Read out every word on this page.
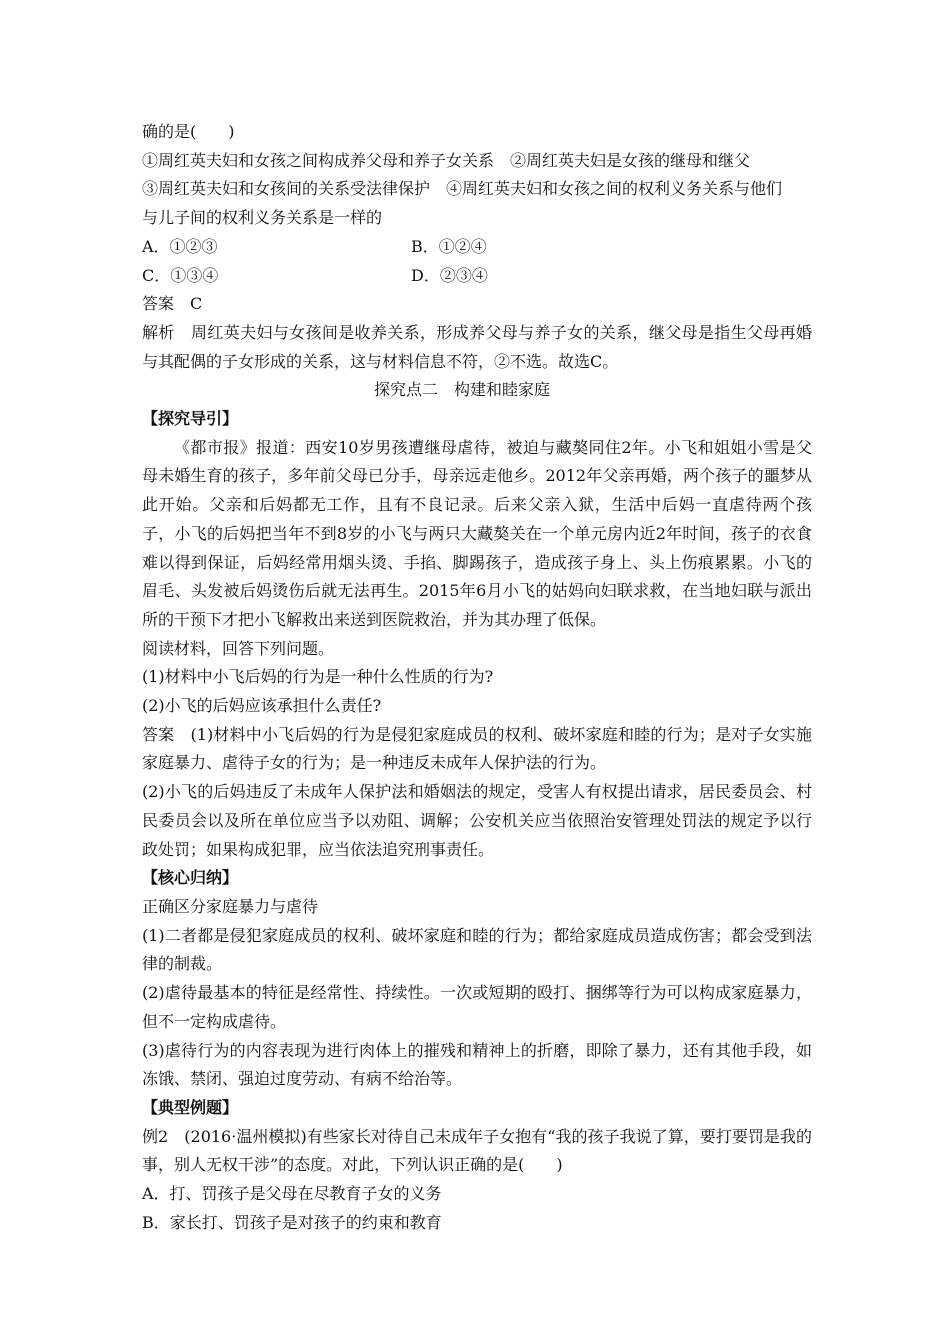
确的是(　　)

①周红英夫妇和女孩之间构成养父母和养子女关系　②周红英夫妇是女孩的继母和继父

③周红英夫妇和女孩间的关系受法律保护　④周红英夫妇和女孩之间的权利义务关系与他们

与儿子间的权利义务关系是一样的

A．①②③	B．①②④
C．①③④	D．②③④

答案　C

解析　周红英夫妇与女孩间是收养关系，形成养父母与养子女的关系，继父母是指生父母再婚与其配偶的子女形成的关系，这与材料信息不符，②不选。故选C。

探究点二　构建和睦家庭

【探究导引】

《都市报》报道：西安10岁男孩遭继母虐待，被迫与藏獒同住2年。小飞和姐姐小雪是父母未婚生育的孩子，多年前父母已分手，母亲远走他乡。2012年父亲再婚，两个孩子的噩梦从此开始。父亲和后妈都无工作，且有不良记录。后来父亲入狱，生活中后妈一直虐待两个孩子，小飞的后妈把当年不到8岁的小飞与两只大藏獒关在一个单元房内近2年时间，孩子的衣食难以得到保证，后妈经常用烟头烫、手掐、脚踢孩子，造成孩子身上、头上伤痕累累。小飞的眉毛、头发被后妈烫伤后就无法再生。2015年6月小飞的姑妈向妇联求救，在当地妇联与派出所的干预下才把小飞解救出来送到医院救治，并为其办理了低保。

阅读材料，回答下列问题。

(1)材料中小飞后妈的行为是一种什么性质的行为?

(2)小飞的后妈应该承担什么责任?

答案　(1)材料中小飞后妈的行为是侵犯家庭成员的权利、破坏家庭和睦的行为；是对子女实施家庭暴力、虐待子女的行为；是一种违反未成年人保护法的行为。

(2)小飞的后妈违反了未成年人保护法和婚姻法的规定，受害人有权提出请求，居民委员会、村民委员会以及所在单位应当予以劝阻、调解；公安机关应当依照治安管理处罚法的规定予以行政处罚；如果构成犯罪，应当依法追究刑事责任。

【核心归纳】

正确区分家庭暴力与虐待

(1)二者都是侵犯家庭成员的权利、破坏家庭和睦的行为；都给家庭成员造成伤害；都会受到法律的制裁。

(2)虐待最基本的特征是经常性、持续性。一次或短期的殴打、捆绑等行为可以构成家庭暴力，但不一定构成虐待。

(3)虐待行为的内容表现为进行肉体上的摧残和精神上的折磨，即除了暴力，还有其他手段，如冻饿、禁闭、强迫过度劳动、有病不给治等。

【典型例题】

例2　(2016·温州模拟)有些家长对待自己未成年子女抱有“我的孩子我说了算，要打要罚是我的事，别人无权干涉”的态度。对此，下列认识正确的是(　　)

A．打、罚孩子是父母在尽教育子女的义务

B．家长打、罚孩子是对孩子的约束和教育
